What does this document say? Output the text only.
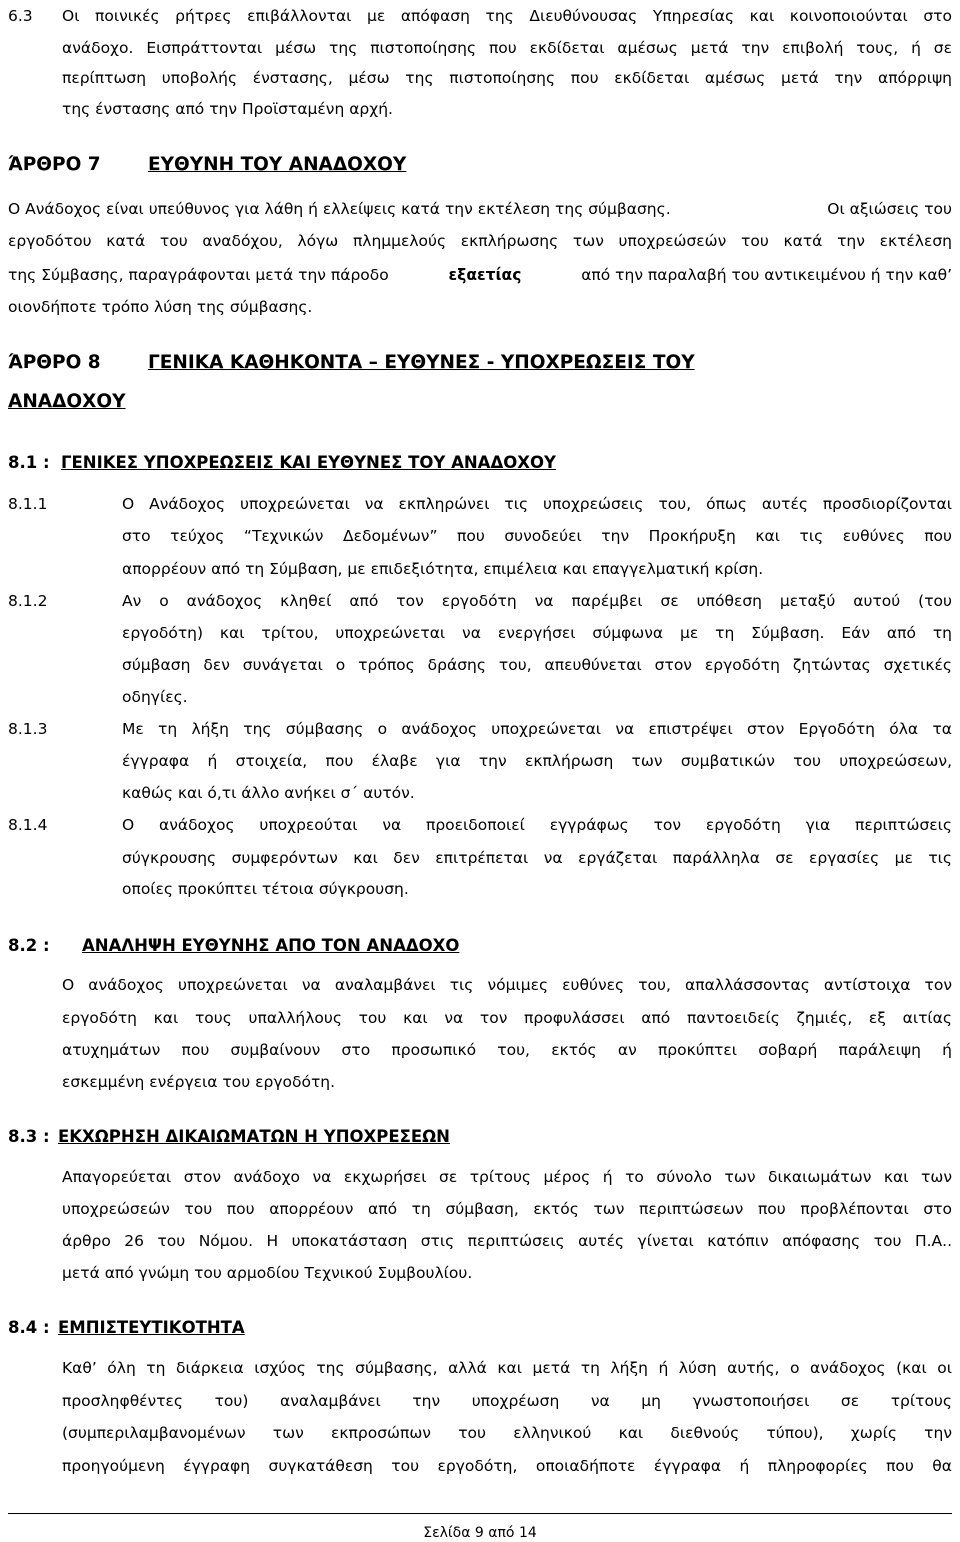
6.3 Οι ποινικές ρήτρες επιβάλλονται με απόφαση της Διευθύνουσας Υπηρεσίας και κοινοποιούνται στο
ανάδοχο. Εισπράττονται μέσω της πιστοποίησης που εκδίδεται αμέσως μετά την επιβολή τους, ή σε
περίπτωση υποβολής ένστασης, μέσω της πιστοποίησης που εκδίδεται αμέσως μετά την απόρριψη
της ένστασης από την Προϊσταμένη αρχή.
ΆΡΘΡΟ 7	ΕΥΘΥΝΗ ΤΟΥ ΑΝΑΔΟΧΟΥ
Ο Ανάδοχος είναι υπεύθυνος για λάθη ή ελλείψεις κατά την εκτέλεση της σύμβασης.	Οι αξιώσεις του
εργοδότου κατά του αναδόχου, λόγω πλημμελούς εκπλήρωσης των υποχρεώσεών του κατά την εκτέλεση
της Σύμβασης, παραγράφονται μετά την πάροδο	εξαετίας	από την παραλαβή του αντικειμένου ή την καθ’
οιονδήποτε τρόπο λύση της σύμβασης.
ΆΡΘΡΟ 8	ΓΕΝΙΚΑ ΚΑΘΗΚΟΝΤΑ – ΕΥΘΥΝΕΣ - ΥΠΟΧΡΕΩΣΕΙΣ ΤΟΥ
ΑΝΑΔΟΧΟΥ
8.1 : ΓΕΝΙΚΕΣ ΥΠΟΧΡΕΩΣΕΙΣ ΚΑΙ ΕΥΘΥΝΕΣ ΤΟΥ ΑΝΑΔΟΧΟΥ
8.1.1	Ο Ανάδοχος υποχρεώνεται να εκπληρώνει τις υποχρεώσεις του, όπως αυτές προσδιορίζονται
στο τεύχος “Τεχνικών Δεδομένων” που συνοδεύει την Προκήρυξη και τις ευθύνες που
απορρέουν από τη Σύμβαση, με επιδεξιότητα, επιμέλεια και επαγγελματική κρίση.
8.1.2	Αν ο ανάδοχος κληθεί από τον εργοδότη να παρέμβει σε υπόθεση μεταξύ αυτού (του
εργοδότη) και τρίτου, υποχρεώνεται να ενεργήσει σύμφωνα με τη Σύμβαση. Εάν από τη
σύμβαση δεν συνάγεται ο τρόπος δράσης του, απευθύνεται στον εργοδότη ζητώντας σχετικές
οδηγίες.
8.1.3	Με τη λήξη της σύμβασης ο ανάδοχος υποχρεώνεται να επιστρέψει στον Εργοδότη όλα τα
έγγραφα ή στοιχεία, που έλαβε για την εκπλήρωση των συμβατικών του υποχρεώσεων,
καθώς και ό,τι άλλο ανήκει σ΄ αυτόν.
8.1.4	Ο ανάδοχος υποχρεούται να προειδοποιεί εγγράφως τον εργοδότη για περιπτώσεις
σύγκρουσης συμφερόντων και δεν επιτρέπεται να εργάζεται παράλληλα σε εργασίες με τις
οποίες προκύπτει τέτοια σύγκρουση.
8.2 : ΑΝΑΛΗΨΗ ΕΥΘΥΝΗΣ ΑΠΟ ΤΟΝ ΑΝΑΔΟΧΟ
Ο ανάδοχος υποχρεώνεται να αναλαμβάνει τις νόμιμες ευθύνες του, απαλλάσσοντας αντίστοιχα τον
εργοδότη και τους υπαλλήλους του και να τον προφυλάσσει από παντοειδείς ζημιές, εξ αιτίας
ατυχημάτων που συμβαίνουν στο προσωπικό του, εκτός αν προκύπτει σοβαρή παράλειψη ή
εσκεμμένη ενέργεια του εργοδότη.
8.3 : ΕΚΧΩΡΗΣΗ ΔΙΚΑΙΩΜΑΤΩΝ Η ΥΠΟΧΡΕΣΕΩΝ
Απαγορεύεται στον ανάδοχο να εκχωρήσει σε τρίτους μέρος ή το σύνολο των δικαιωμάτων και των
υποχρεώσεών του που απορρέουν από τη σύμβαση, εκτός των περιπτώσεων που προβλέπονται στο
άρθρο 26 του Νόμου. Η υποκατάσταση στις περιπτώσεις αυτές γίνεται κατόπιν απόφασης του Π.Α..
μετά από γνώμη του αρμοδίου Τεχνικού Συμβουλίου.
8.4 : ΕΜΠΙΣΤΕΥΤΙΚΟΤΗΤΑ
Καθ’ όλη τη διάρκεια ισχύος της σύμβασης, αλλά και μετά τη λήξη ή λύση αυτής, ο ανάδοχος (και οι
προσληφθέντες του) αναλαμβάνει την υποχρέωση να μη γνωστοποιήσει σε τρίτους
(συμπεριλαμβανομένων των εκπροσώπων του ελληνικού και διεθνούς τύπου), χωρίς την
προηγούμενη έγγραφη συγκατάθεση του εργοδότη, οποιαδήποτε έγγραφα ή πληροφορίες που θα
Σελίδα 9 από 14
